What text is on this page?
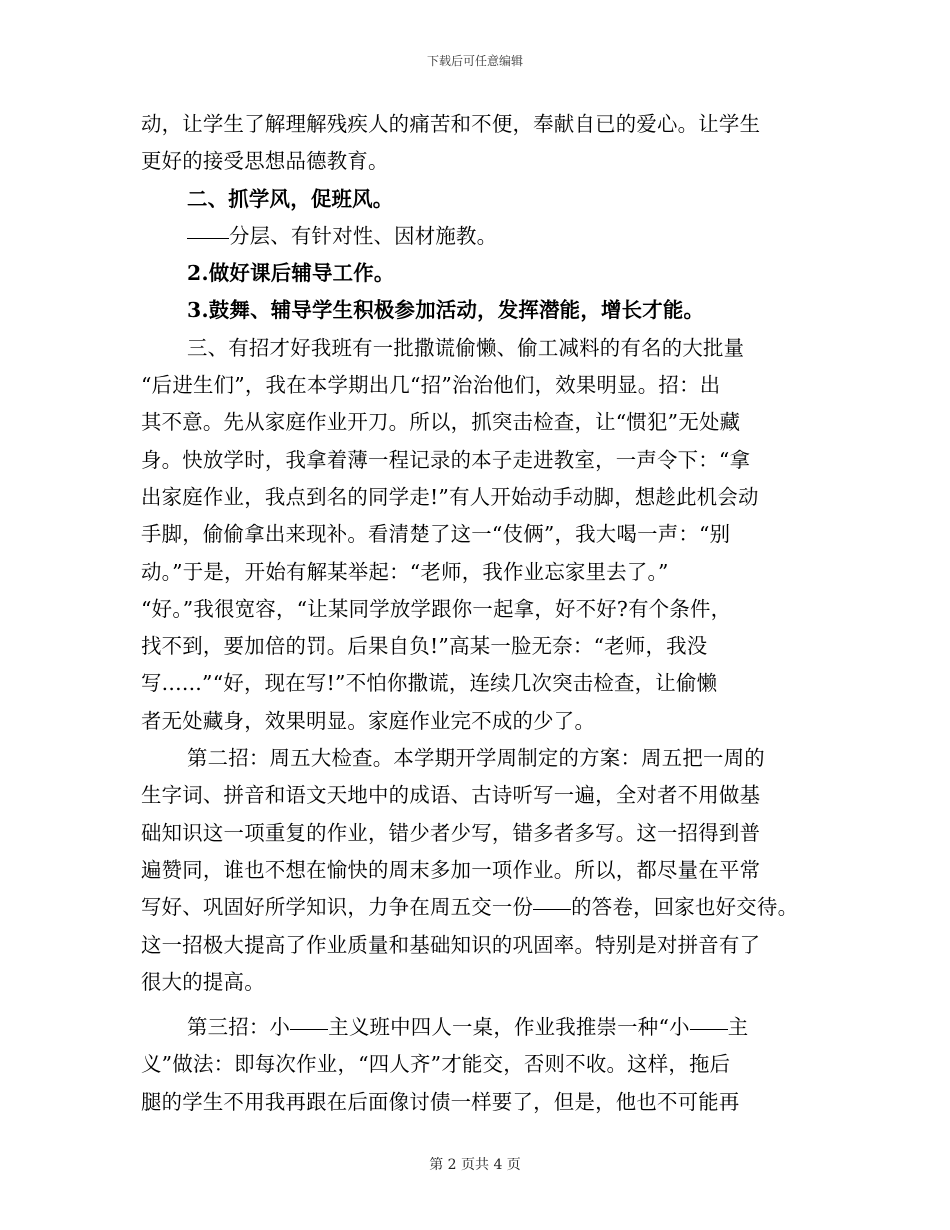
下载后可任意编辑
动，让学生了解理解残疾人的痛苦和不便，奉献自已的爱心。让学生
更好的接受思想品德教育。
二、抓学风，促班风。
分层、有针对性、因材施教。
2.做好课后辅导工作。
3.鼓舞、辅导学生积极参加活动，发挥潜能，增长才能。
三、有招才好我班有一批撒谎偷懒、偷工减料的有名的大批量
“后进生们”，我在本学期出几“招”治治他们，效果明显。招：出
其不意。先从家庭作业开刀。所以，抓突击检查，让“惯犯”无处藏
身。快放学时，我拿着薄一程记录的本子走进教室，一声令下：“拿
出家庭作业，我点到名的同学走!”有人开始动手动脚，想趁此机会动
手脚，偷偷拿出来现补。看清楚了这一“伎俩”，我大喝一声：“别
动。”于是，开始有解某举起：“老师，我作业忘家里去了。”
“好。”我很宽容，“让某同学放学跟你一起拿，好不好?有个条件，
找不到，要加倍的罚。后果自负!”高某一脸无奈：“老师，我没
写......”“好，现在写!”不怕你撒谎，连续几次突击检查，让偷懒
者无处藏身，效果明显。家庭作业完不成的少了。
第二招：周五大检查。本学期开学周制定的方案：周五把一周的
生字词、拼音和语文天地中的成语、古诗听写一遍，全对者不用做基
础知识这一项重复的作业，错少者少写，错多者多写。这一招得到普
遍赞同，谁也不想在愉快的周末多加一项作业。所以，都尽量在平常
写好、巩固好所学知识，力争在周五交一份 的答卷，回家也好交待。
这一招极大提高了作业质量和基础知识的巩固率。特别是对拼音有了
很大的提高。
第三招：小 主义班中四人一桌，作业我推崇一种“小 主
义”做法：即每次作业，“四人齐”才能交，否则不收。这样，拖后
腿的学生不用我再跟在后面像讨债一样要了，但是，他也不可能再
第 2 页共 4 页
